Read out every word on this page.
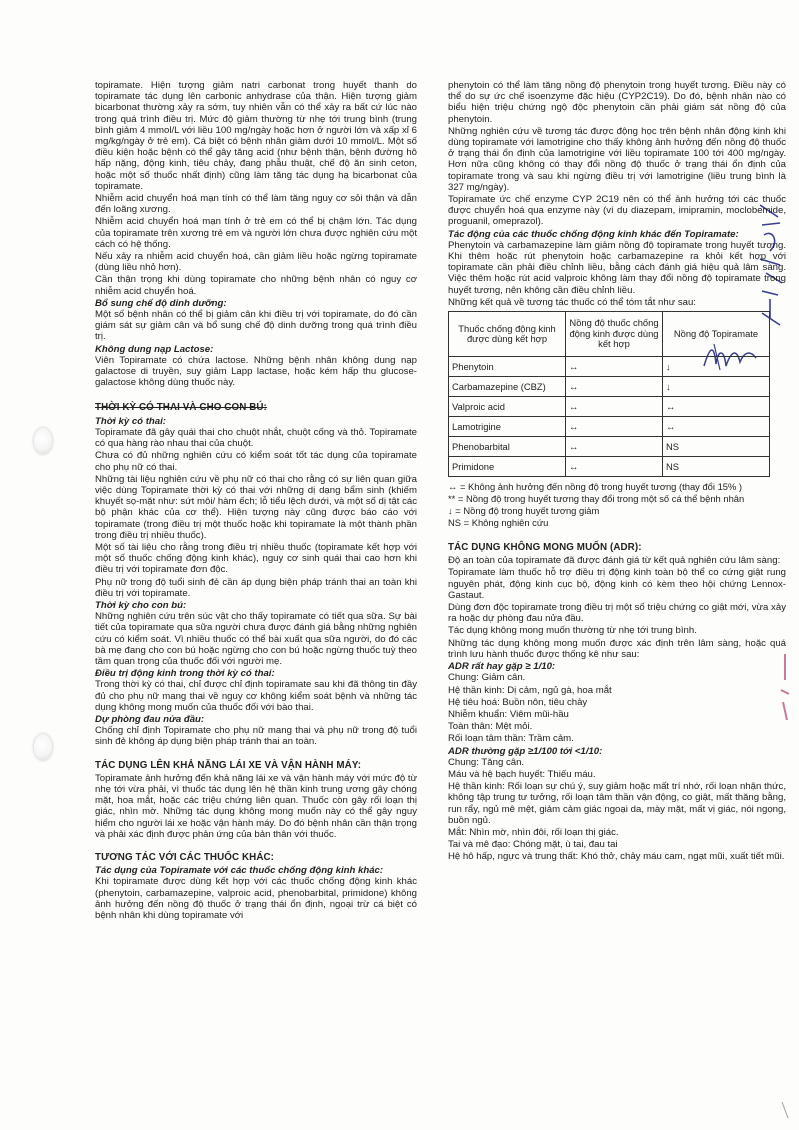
topiramate. Hiện tượng giảm natri carbonat trong huyết thanh do topiramate tác dụng lên carbonic anhydrase của thận. Hiện tượng giảm bicarbonat thường xảy ra sớm, tuy nhiên vẫn có thể xảy ra bất cứ lúc nào trong quá trình điều trị. Mức độ giảm thường từ nhẹ tới trung bình (trung bình giảm 4 mmol/L với liều 100 mg/ngày hoặc hơn ở người lớn và xấp xỉ 6 mg/kg/ngày ở trẻ em). Cá biệt có bệnh nhân giảm dưới 10 mmol/L. Một số điều kiện hoặc bệnh có thể gây tăng acid (như bệnh thận, bệnh đường hô hấp nặng, động kinh, tiêu chảy, đang phẫu thuật, chế độ ăn sinh ceton, hoặc một số thuốc nhất định) cũng làm tăng tác dụng hạ bicarbonat của topiramate.

Nhiễm acid chuyển hoá mạn tính có thể làm tăng nguy cơ sỏi thận và dẫn đến loãng xương.

Nhiễm acid chuyển hoá mạn tính ở trẻ em có thể bị chậm lớn. Tác dụng của topiramate trên xương trẻ em và người lớn chưa được nghiên cứu một cách có hệ thống.

Nếu xảy ra nhiễm acid chuyển hoá, cần giảm liều hoặc ngừng topiramate (dùng liều nhỏ hơn).

Cần thận trọng khi dùng topiramate cho những bệnh nhân có nguy cơ nhiễm acid chuyển hoá.

Bổ sung chế độ dinh dưỡng:

Một số bệnh nhân có thể bị giảm cân khi điều trị với topiramate, do đó cần giám sát sự giảm cân và bổ sung chế độ dinh dưỡng trong quá trình điều trị.

Không dung nạp Lactose:

Viên Topiramate có chứa lactose. Những bệnh nhân không dung nạp galactose di truyền, suy giảm Lapp lactase, hoặc kém hấp thu glucose-galactose không dùng thuốc này.

THỜI KỲ CÓ THAI VÀ CHO CON BÚ:

Thời kỳ có thai:

Topiramate đã gây quái thai cho chuột nhắt, chuột cống và thỏ. Topiramate có qua hàng rào nhau thai của chuột.

Chưa có đủ những nghiên cứu có kiểm soát tốt tác dụng của topiramate cho phụ nữ có thai.

Những tài liệu nghiên cứu về phụ nữ có thai cho rằng có sự liên quan giữa việc dùng Topiramate thời kỳ có thai với những dị dạng bẩm sinh (khiếm khuyết sọ-mặt như: sứt môi/ hàm ếch; lỗ tiểu lệch dưới, và một số dị tật các bộ phận khác của cơ thể). Hiện tượng này cũng được báo cáo với topiramate (trong điều trị một thuốc hoặc khi topiramate là một thành phần trong điều trị nhiều thuốc).

Một số tài liệu cho rằng trong điều trị nhiều thuốc (topiramate kết hợp với một số thuốc chống động kinh khác), nguy cơ sinh quái thai cao hơn khi điều trị với topiramate đơn độc.

Phụ nữ trong độ tuổi sinh đẻ cần áp dụng biện pháp tránh thai an toàn khi điều trị với topiramate.

Thời kỳ cho con bú:

Những nghiên cứu trên súc vật cho thấy topiramate có tiết qua sữa. Sự bài tiết của topiramate qua sữa người chưa được đánh giá bằng những nghiên cứu có kiểm soát. Vì nhiều thuốc có thể bài xuất qua sữa người, do đó các bà mẹ đang cho con bú hoặc ngừng cho con bú hoặc ngừng thuốc tuỳ theo tầm quan trọng của thuốc đối với người mẹ.

Điều trị động kinh trong thời kỳ có thai:

Trong thời kỳ có thai, chỉ được chỉ định topiramate sau khi đã thông tin đầy đủ cho phụ nữ mang thai về nguy cơ không kiểm soát bệnh và những tác dụng không mong muốn của thuốc đối với bào thai.

Dự phòng đau nửa đầu:

Chống chỉ định Topiramate cho phụ nữ mang thai và phụ nữ trong độ tuổi sinh đẻ không áp dụng biện pháp tránh thai an toàn.

TÁC DỤNG LÊN KHẢ NĂNG LÁI XE VÀ VẬN HÀNH MÁY:

Topiramate ảnh hưởng đến khả năng lái xe và vận hành máy với mức độ từ nhẹ tới vừa phải, vì thuốc tác dụng lên hệ thần kinh trung ương gây chóng mặt, hoa mắt, hoặc các triệu chứng liên quan. Thuốc còn gây rối loạn thị giác, nhìn mờ. Những tác dụng không mong muốn này có thể gây nguy hiểm cho người lái xe hoặc vận hành máy. Do đó bệnh nhân cần thận trọng và phải xác định được phản ứng của bản thân với thuốc.

TƯƠNG TÁC VỚI CÁC THUỐC KHÁC:

Tác dụng của Topiramate với các thuốc chống động kinh khác:

Khi topiramate được dùng kết hợp với các thuốc chống động kinh khác (phenytoin, carbamazepine, valproic acid, phenobarbital, primidone) không ảnh hưởng đến nồng độ thuốc ở trạng thái ổn định, ngoại trừ cá biệt có bệnh nhân khi dùng topiramate với

phenytoin có thể làm tăng nồng độ phenytoin trong huyết tương. Điều này có thể do sự ức chế isoenzyme đặc hiệu (CYP2C19). Do đó, bệnh nhân nào có biểu hiện triệu chứng ngộ độc phenytoin cần phải giám sát nồng độ của phenytoin.

Những nghiên cứu về tương tác được động học trên bệnh nhân động kinh khi dùng topiramate với lamotrigine cho thấy không ảnh hưởng đến nồng độ thuốc ở trạng thái ổn định của lamotrigine với liều topiramate 100 tới 400 mg/ngày. Hơn nữa cũng không có thay đổi nồng độ thuốc ở trạng thái ổn định của topiramate trong và sau khi ngừng điều trị với lamotrigine (liều trung bình là 327 mg/ngày).

Topiramate ức chế enzyme CYP 2C19 nên có thể ảnh hưởng tới các thuốc được chuyển hoá qua enzyme này (ví dụ diazepam, imipramin, moclobemide, proguanil, omeprazol).

Tác động của các thuốc chống động kinh khác đến Topiramate:

Phenytoin và carbamazepine làm giảm nồng độ topiramate trong huyết tương. Khi thêm hoặc rút phenytoin hoặc carbamazepine ra khỏi kết hợp với topiramate cần phải điều chỉnh liều, bằng cách đánh giá hiệu quả lâm sàng. Việc thêm hoặc rút acid valproic không làm thay đổi nồng độ topiramate trong huyết tương, nên không cần điều chỉnh liều.

Những kết quả về tương tác thuốc có thể tóm tắt như sau:

Thuốc chống động kinh được dùng kết hợp	Nồng độ thuốc chống động kinh được dùng kết hợp	Nồng độ Topiramate
Phenytoin	↔	↓
Carbamazepine (CBZ)	↔	↓
Valproic acid	↔	↔
Lamotrigine	↔	↔
Phenobarbital	↔	NS
Primidone	↔	NS

↔ = Không ảnh hưởng đến nồng độ trong huyết tương (thay đổi 15% )

** = Nồng độ trong huyết tương thay đổi trong một số cá thể bệnh nhân

↓ = Nồng độ trong huyết tương giảm

NS = Không nghiên cứu

TÁC DỤNG KHÔNG MONG MUỐN (ADR):

Độ an toàn của topiramate đã được đánh giá từ kết quả nghiên cứu lâm sàng:

Topiramate làm thuốc hỗ trợ điều trị động kinh toàn bộ thể co cứng giật rung nguyên phát, động kinh cục bộ, động kinh có kèm theo hội chứng Lennox-Gastaut.

Dùng đơn độc topiramate trong điều trị một số triệu chứng co giật mới, vừa xảy ra hoặc dự phòng đau nửa đầu.

Tác dụng không mong muốn thường từ nhẹ tới trung bình.

Những tác dụng không mong muốn được xác định trên lâm sàng, hoặc quá trình lưu hành thuốc được thống kê như sau:

ADR rất hay gặp ≥ 1/10:

Chung: Giảm cân.

Hệ thần kinh: Dị cảm, ngủ gà, hoa mắt

Hệ tiêu hoá: Buồn nôn, tiêu chảy

Nhiễm khuẩn: Viêm mũi-hầu

Toàn thân: Mệt mỏi.

Rối loạn tâm thần: Trầm cảm.

ADR thường gặp ≥1/100 tới <1/10:

Chung: Tăng cân.

Máu và hệ bạch huyết: Thiếu máu.

Hệ thần kinh: Rối loạn sự chú ý, suy giảm hoặc mất trí nhớ, rối loạn nhận thức, không tập trung tư tưởng, rối loạn tâm thần vận động, co giật, mất thăng bằng, run rẩy, ngủ mê mệt, giảm cảm giác ngoại da, mày mặt, mất vị giác, nói ngọng, buồn ngủ.

Mắt: Nhìn mờ, nhìn đôi, rối loạn thị giác.

Tai và mê đạo: Chóng mặt, ù tai, đau tai

Hệ hô hấp, ngực và trung thất: Khó thở, chảy máu cam, ngạt mũi, xuất tiết mũi.
